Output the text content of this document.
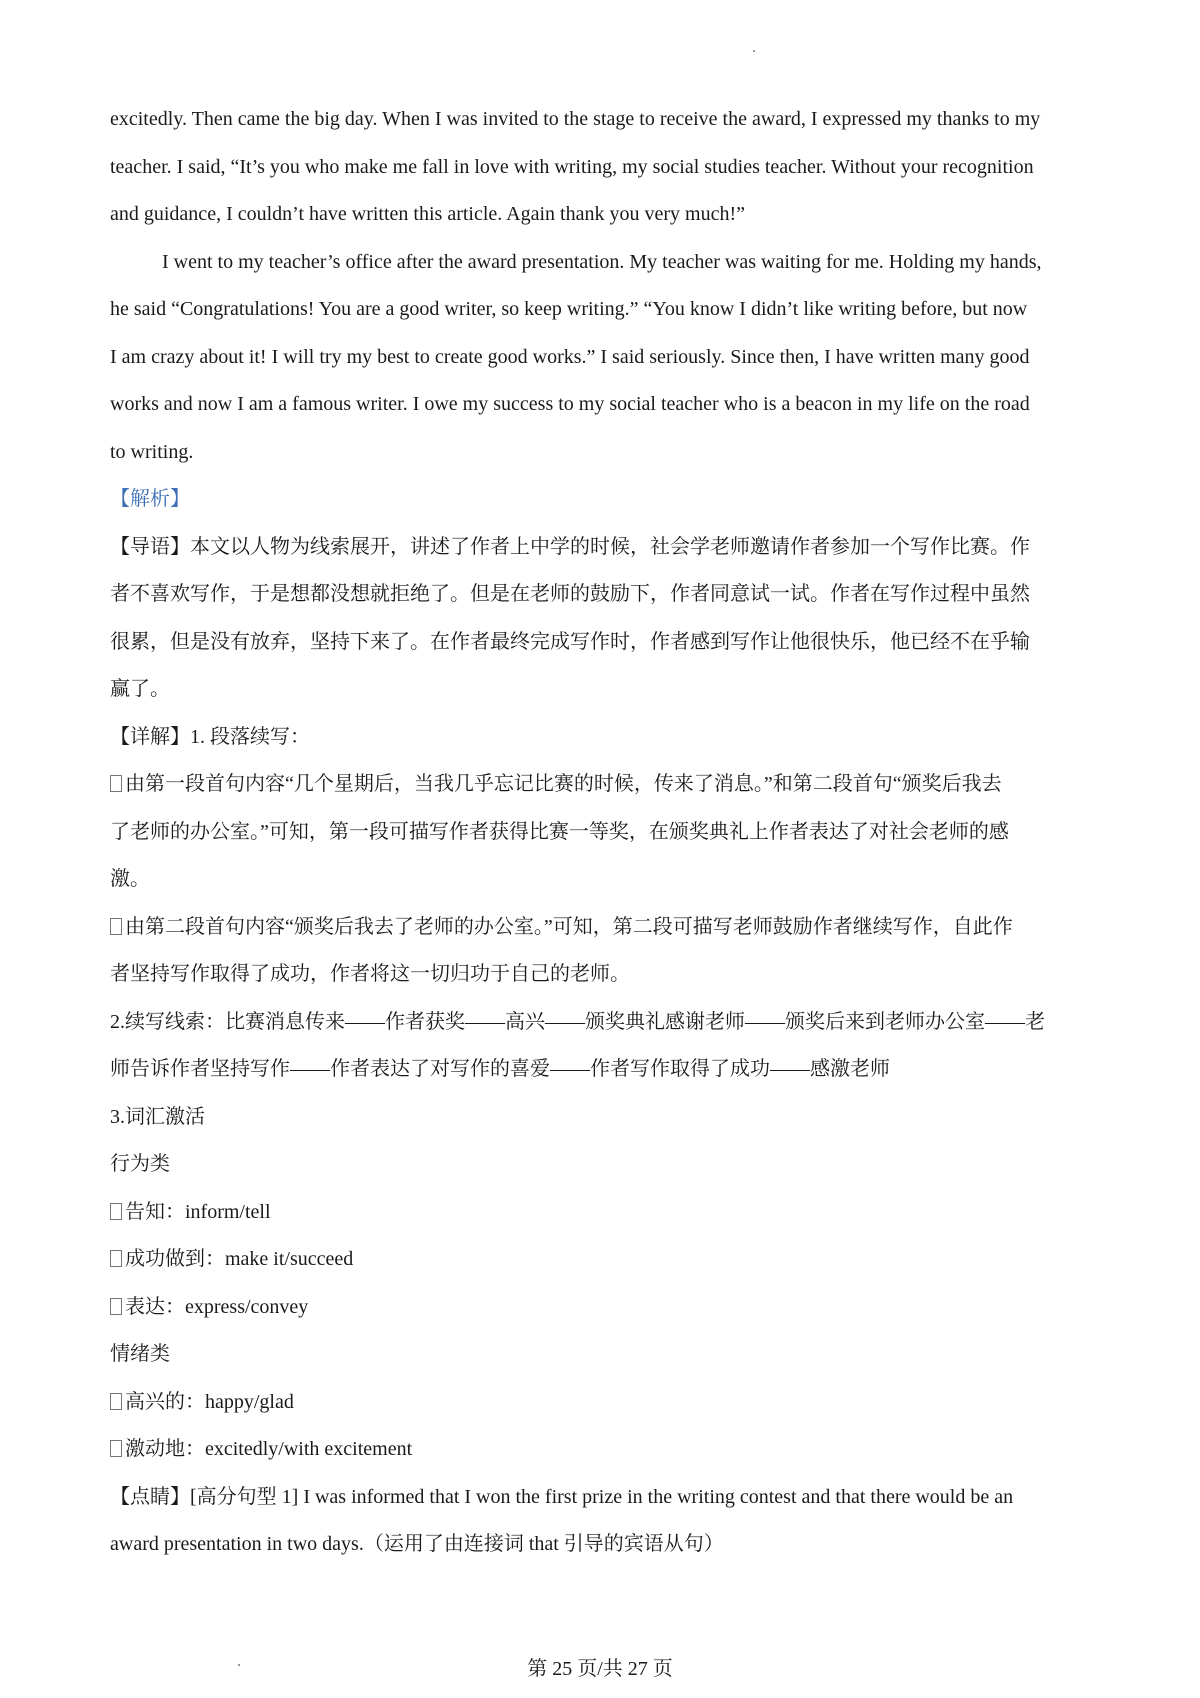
excitedly. Then came the big day. When I was invited to the stage to receive the award, I expressed my thanks to my

teacher. I said, “It’s you who make me fall in love with writing, my social studies teacher. Without your recognition

and guidance, I couldn’t have written this article. Again thank you very much!”

I went to my teacher’s office after the award presentation. My teacher was waiting for me. Holding my hands,

he said “Congratulations! You are a good writer, so keep writing.” “You know I didn’t like writing before, but now

I am crazy about it! I will try my best to create good works.” I said seriously. Since then, I have written many good

works and now I am a famous writer. I owe my success to my social teacher who is a beacon in my life on the road

to writing.

【解析】

【导语】本文以人物为线索展开，讲述了作者上中学的时候，社会学老师邀请作者参加一个写作比赛。作

者不喜欢写作，于是想都没想就拒绝了。但是在老师的鼓励下，作者同意试一试。作者在写作过程中虽然

很累，但是没有放弃，坚持下来了。在作者最终完成写作时，作者感到写作让他很快乐，他已经不在乎输

赢了。

【详解】1. 段落续写：

由第一段首句内容“几个星期后，当我几乎忘记比赛的时候，传来了消息。”和第二段首句“颁奖后我去

了老师的办公室。”可知，第一段可描写作者获得比赛一等奖，在颁奖典礼上作者表达了对社会老师的感

激。

由第二段首句内容“颁奖后我去了老师的办公室。”可知，第二段可描写老师鼓励作者继续写作，自此作

者坚持写作取得了成功，作者将这一切归功于自己的老师。

2.续写线索：比赛消息传来——作者获奖——高兴——颁奖典礼感谢老师——颁奖后来到老师办公室——老

师告诉作者坚持写作——作者表达了对写作的喜爱——作者写作取得了成功——感激老师

3.词汇激活

行为类

告知：inform/tell

成功做到：make it/succeed

表达：express/convey

情绪类

高兴的：happy/glad

激动地：excitedly/with excitement

【点睛】[高分句型 1] I was informed that I won the first prize in the writing contest and that there would be an

award presentation in two days.（运用了由连接词 that 引导的宾语从句）

第 25 页/共 27 页
